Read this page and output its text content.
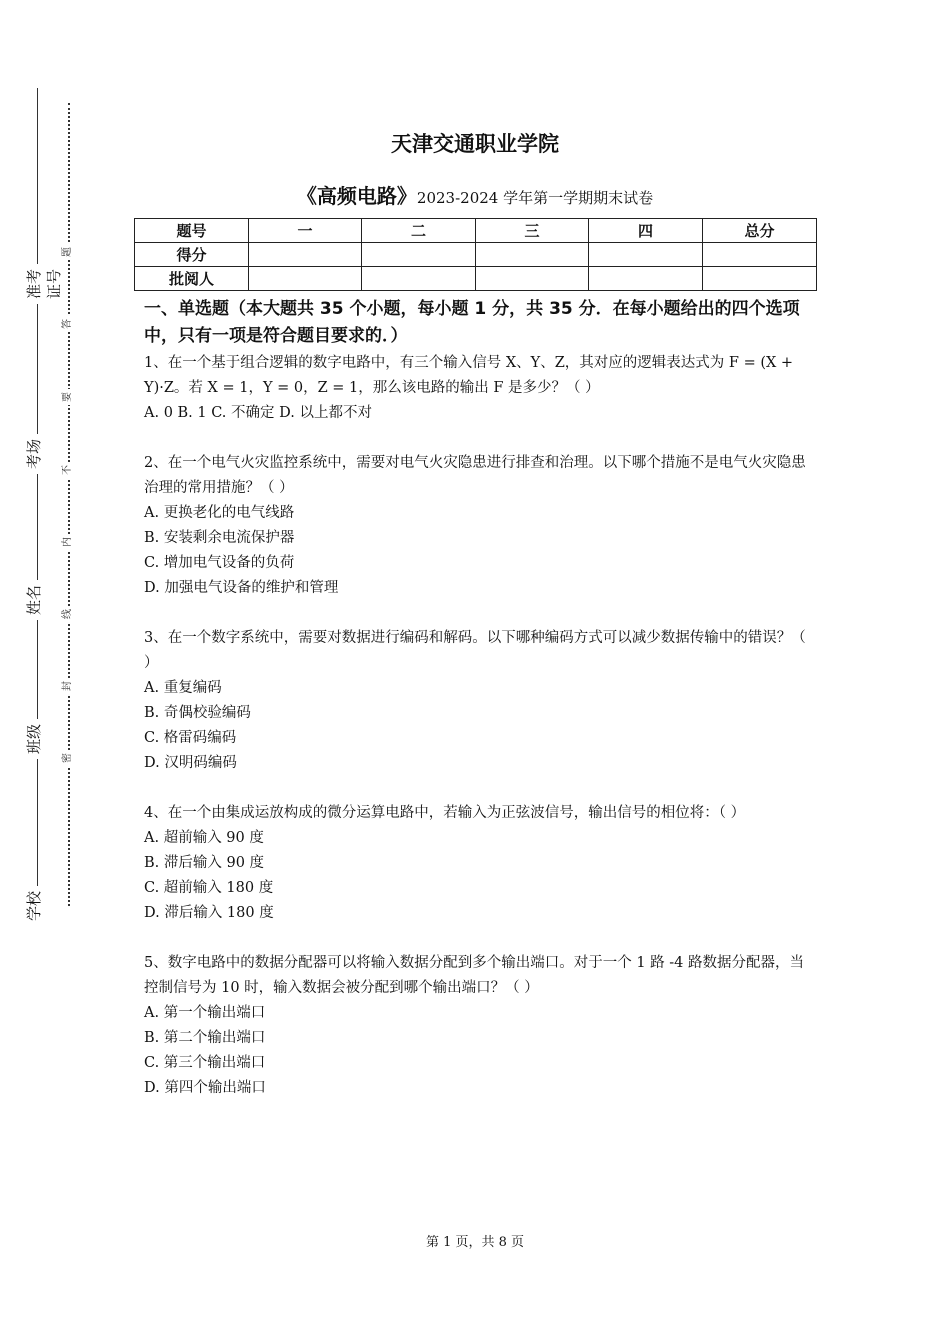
准考证号
考场
姓名
班级
学校
题
答
要
不
内
线
封
密
天津交通职业学院
《高频电路》2023-2024 学年第一学期期末试卷
题号	一	二	三	四	总分
得分					
批阅人					

一、单选题（本大题共 35 个小题，每小题 1 分，共 35 分．在每小题给出的四个选项中，只有一项是符合题目要求的．）

1、在一个基于组合逻辑的数字电路中，有三个输入信号 X、Y、Z，其对应的逻辑表达式为 F = (X + Y)·Z。若 X = 1，Y = 0，Z = 1，那么该电路的输出 F 是多少？（ ）

A. 0 B. 1 C. 不确定 D. 以上都不对

2、在一个电气火灾监控系统中，需要对电气火灾隐患进行排查和治理。以下哪个措施不是电气火灾隐患治理的常用措施？（ ）

A. 更换老化的电气线路

B. 安装剩余电流保护器

C. 增加电气设备的负荷

D. 加强电气设备的维护和管理

3、在一个数字系统中，需要对数据进行编码和解码。以下哪种编码方式可以减少数据传输中的错误？（ ）

A. 重复编码

B. 奇偶校验编码

C. 格雷码编码

D. 汉明码编码

4、在一个由集成运放构成的微分运算电路中，若输入为正弦波信号，输出信号的相位将：（ ）

A. 超前输入 90 度

B. 滞后输入 90 度

C. 超前输入 180 度

D. 滞后输入 180 度

5、数字电路中的数据分配器可以将输入数据分配到多个输出端口。对于一个 1 路 -4 路数据分配器，当控制信号为 10 时，输入数据会被分配到哪个输出端口？（ ）

A. 第一个输出端口

B. 第二个输出端口

C. 第三个输出端口

D. 第四个输出端口

第 1 页，共 8 页
